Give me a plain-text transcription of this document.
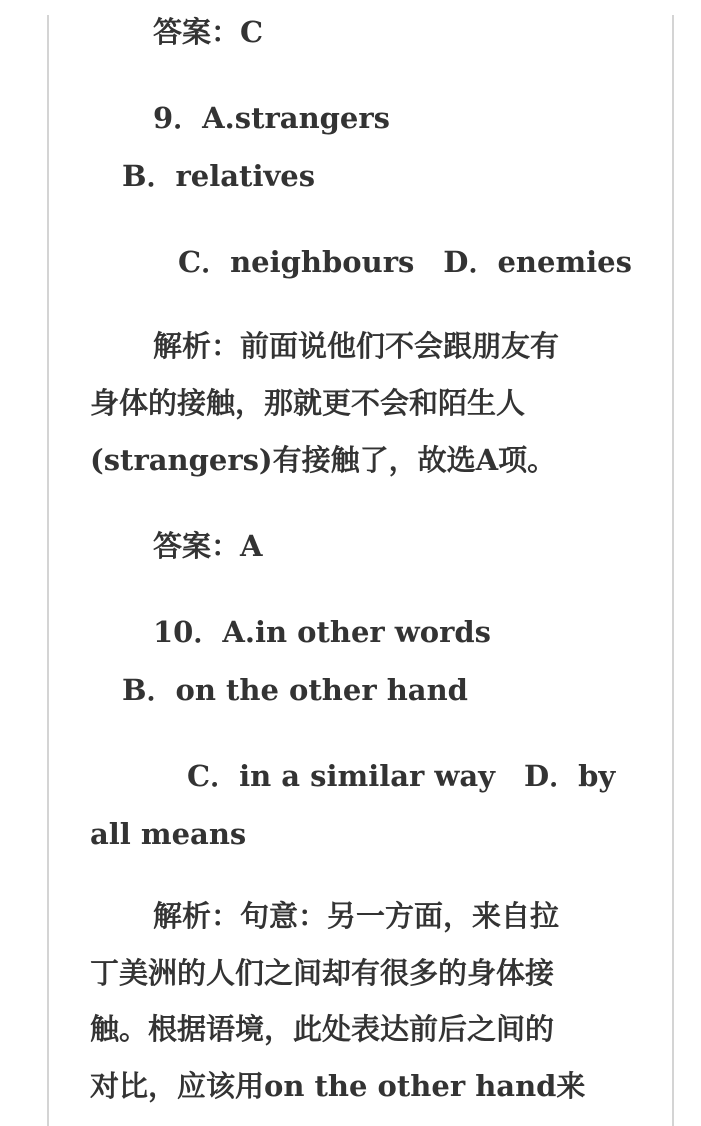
答案：C
9．A.strangers
B．relatives
C．neighbours　D．enemies
解析：前面说他们不会跟朋友有
身体的接触，那就更不会和陌生人
(strangers)有接触了，故选A项。
答案：A
10．A.in other words
B．on the other hand
C．in a similar way　D．by
all means
解析：句意：另一方面，来自拉
丁美洲的人们之间却有很多的身体接
触。根据语境，此处表达前后之间的
对比，应该用on the other hand来
